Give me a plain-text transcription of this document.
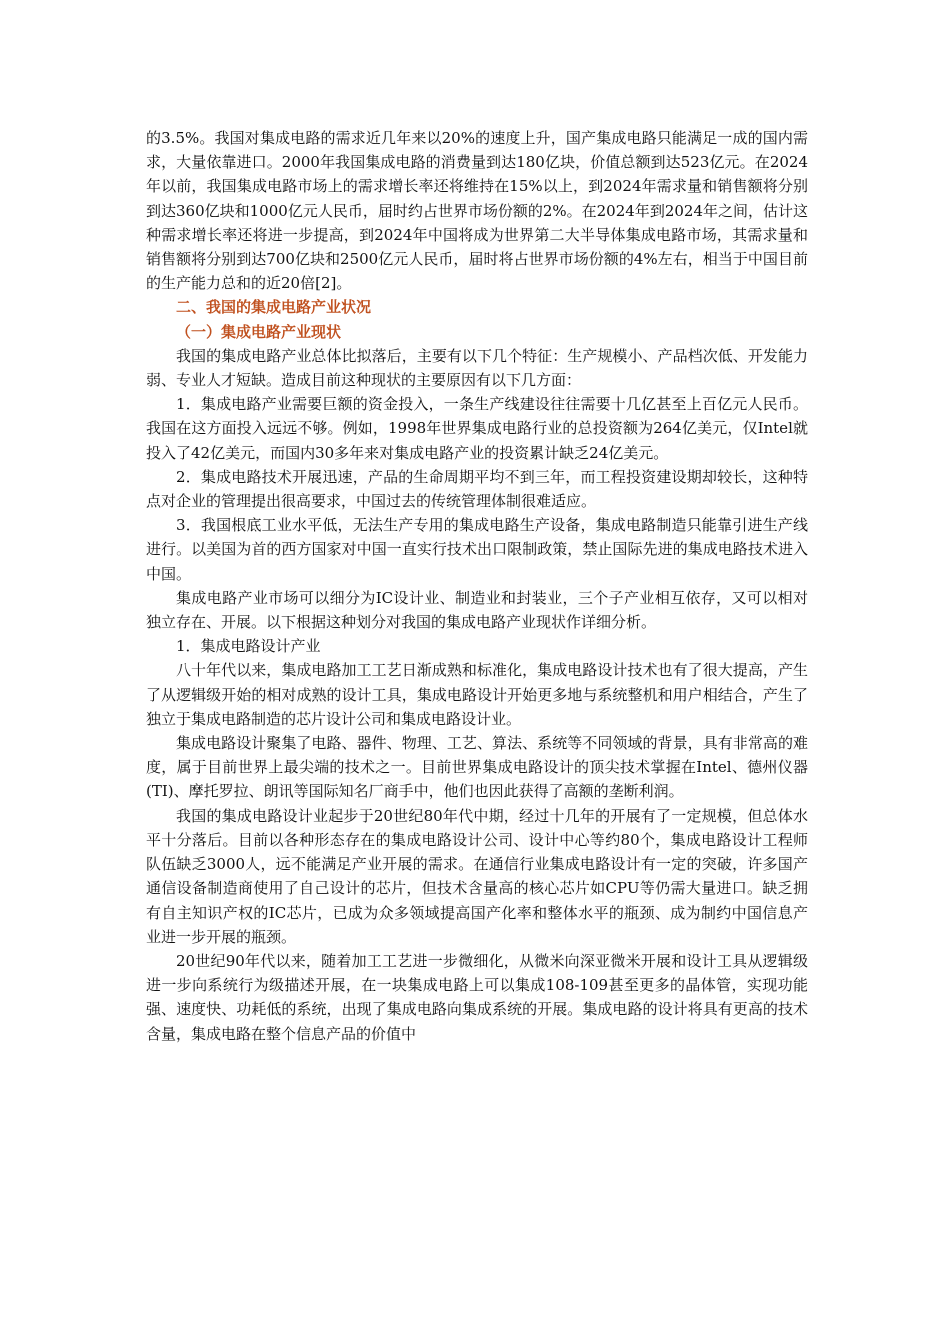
的3.5%。我国对集成电路的需求近几年来以20%的速度上升，国产集成电路只能满足一成的国内需求，大量依靠进口。2000年我国集成电路的消费量到达180亿块，价值总额到达523亿元。在2024年以前，我国集成电路市场上的需求增长率还将维持在15%以上，到2024年需求量和销售额将分别到达360亿块和1000亿元人民币，届时约占世界市场份额的2%。在2024年到2024年之间，估计这种需求增长率还将进一步提高，到2024年中国将成为世界第二大半导体集成电路市场，其需求量和销售额将分别到达700亿块和2500亿元人民币，届时将占世界市场份额的4%左右，相当于中国目前的生产能力总和的近20倍[2]。

二、我国的集成电路产业状况

（一）集成电路产业现状

我国的集成电路产业总体比拟落后，主要有以下几个特征：生产规模小、产品档次低、开发能力弱、专业人才短缺。造成目前这种现状的主要原因有以下几方面：

1．集成电路产业需要巨额的资金投入，一条生产线建设往往需要十几亿甚至上百亿元人民币。我国在这方面投入远远不够。例如，1998年世界集成电路行业的总投资额为264亿美元，仅Intel就投入了42亿美元，而国内30多年来对集成电路产业的投资累计缺乏24亿美元。

2．集成电路技术开展迅速，产品的生命周期平均不到三年，而工程投资建设期却较长，这种特点对企业的管理提出很高要求，中国过去的传统管理体制很难适应。

3．我国根底工业水平低，无法生产专用的集成电路生产设备，集成电路制造只能靠引进生产线进行。以美国为首的西方国家对中国一直实行技术出口限制政策，禁止国际先进的集成电路技术进入中国。

集成电路产业市场可以细分为IC设计业、制造业和封装业，三个子产业相互依存，又可以相对独立存在、开展。以下根据这种划分对我国的集成电路产业现状作详细分析。

1．集成电路设计产业

八十年代以来，集成电路加工工艺日渐成熟和标准化，集成电路设计技术也有了很大提高，产生了从逻辑级开始的相对成熟的设计工具，集成电路设计开始更多地与系统整机和用户相结合，产生了独立于集成电路制造的芯片设计公司和集成电路设计业。

集成电路设计聚集了电路、器件、物理、工艺、算法、系统等不同领域的背景，具有非常高的难度，属于目前世界上最尖端的技术之一。目前世界集成电路设计的顶尖技术掌握在Intel、德州仪器(TI)、摩托罗拉、朗讯等国际知名厂商手中，他们也因此获得了高额的垄断利润。

我国的集成电路设计业起步于20世纪80年代中期，经过十几年的开展有了一定规模，但总体水平十分落后。目前以各种形态存在的集成电路设计公司、设计中心等约80个，集成电路设计工程师队伍缺乏3000人，远不能满足产业开展的需求。在通信行业集成电路设计有一定的突破，许多国产通信设备制造商使用了自己设计的芯片，但技术含量高的核心芯片如CPU等仍需大量进口。缺乏拥有自主知识产权的IC芯片，已成为众多领域提高国产化率和整体水平的瓶颈、成为制约中国信息产业进一步开展的瓶颈。

20世纪90年代以来，随着加工工艺进一步微细化，从微米向深亚微米开展和设计工具从逻辑级进一步向系统行为级描述开展，在一块集成电路上可以集成108-109甚至更多的晶体管，实现功能强、速度快、功耗低的系统，出现了集成电路向集成系统的开展。集成电路的设计将具有更高的技术含量，集成电路在整个信息产品的价值中
